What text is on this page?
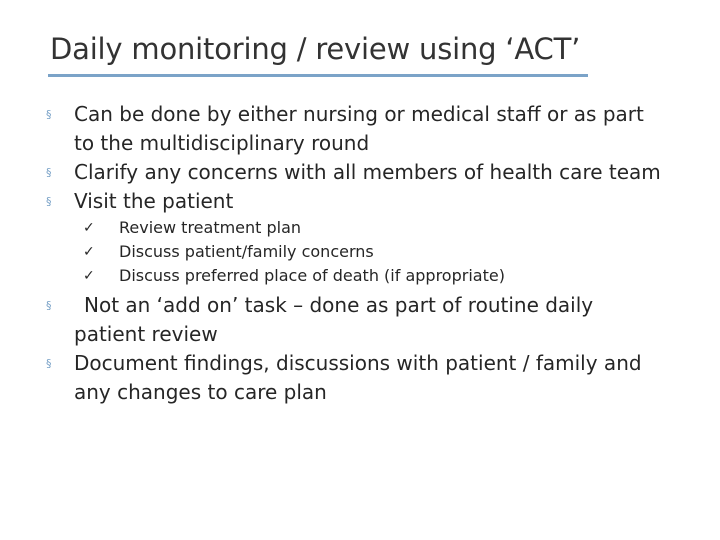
Daily monitoring / review using ‘ACT’
§	Can be done by either nursing or medical staff or as part to the multidisciplinary round
§	Clarify any concerns with all members of health care team
§	Visit the patient
✓ Review treatment plan
✓ Discuss patient/family concerns
✓ Discuss preferred place of death (if appropriate)
§	Not an ‘add on’ task – done as part of routine daily patient review
§	Document findings, discussions with patient / family and any changes to care plan
